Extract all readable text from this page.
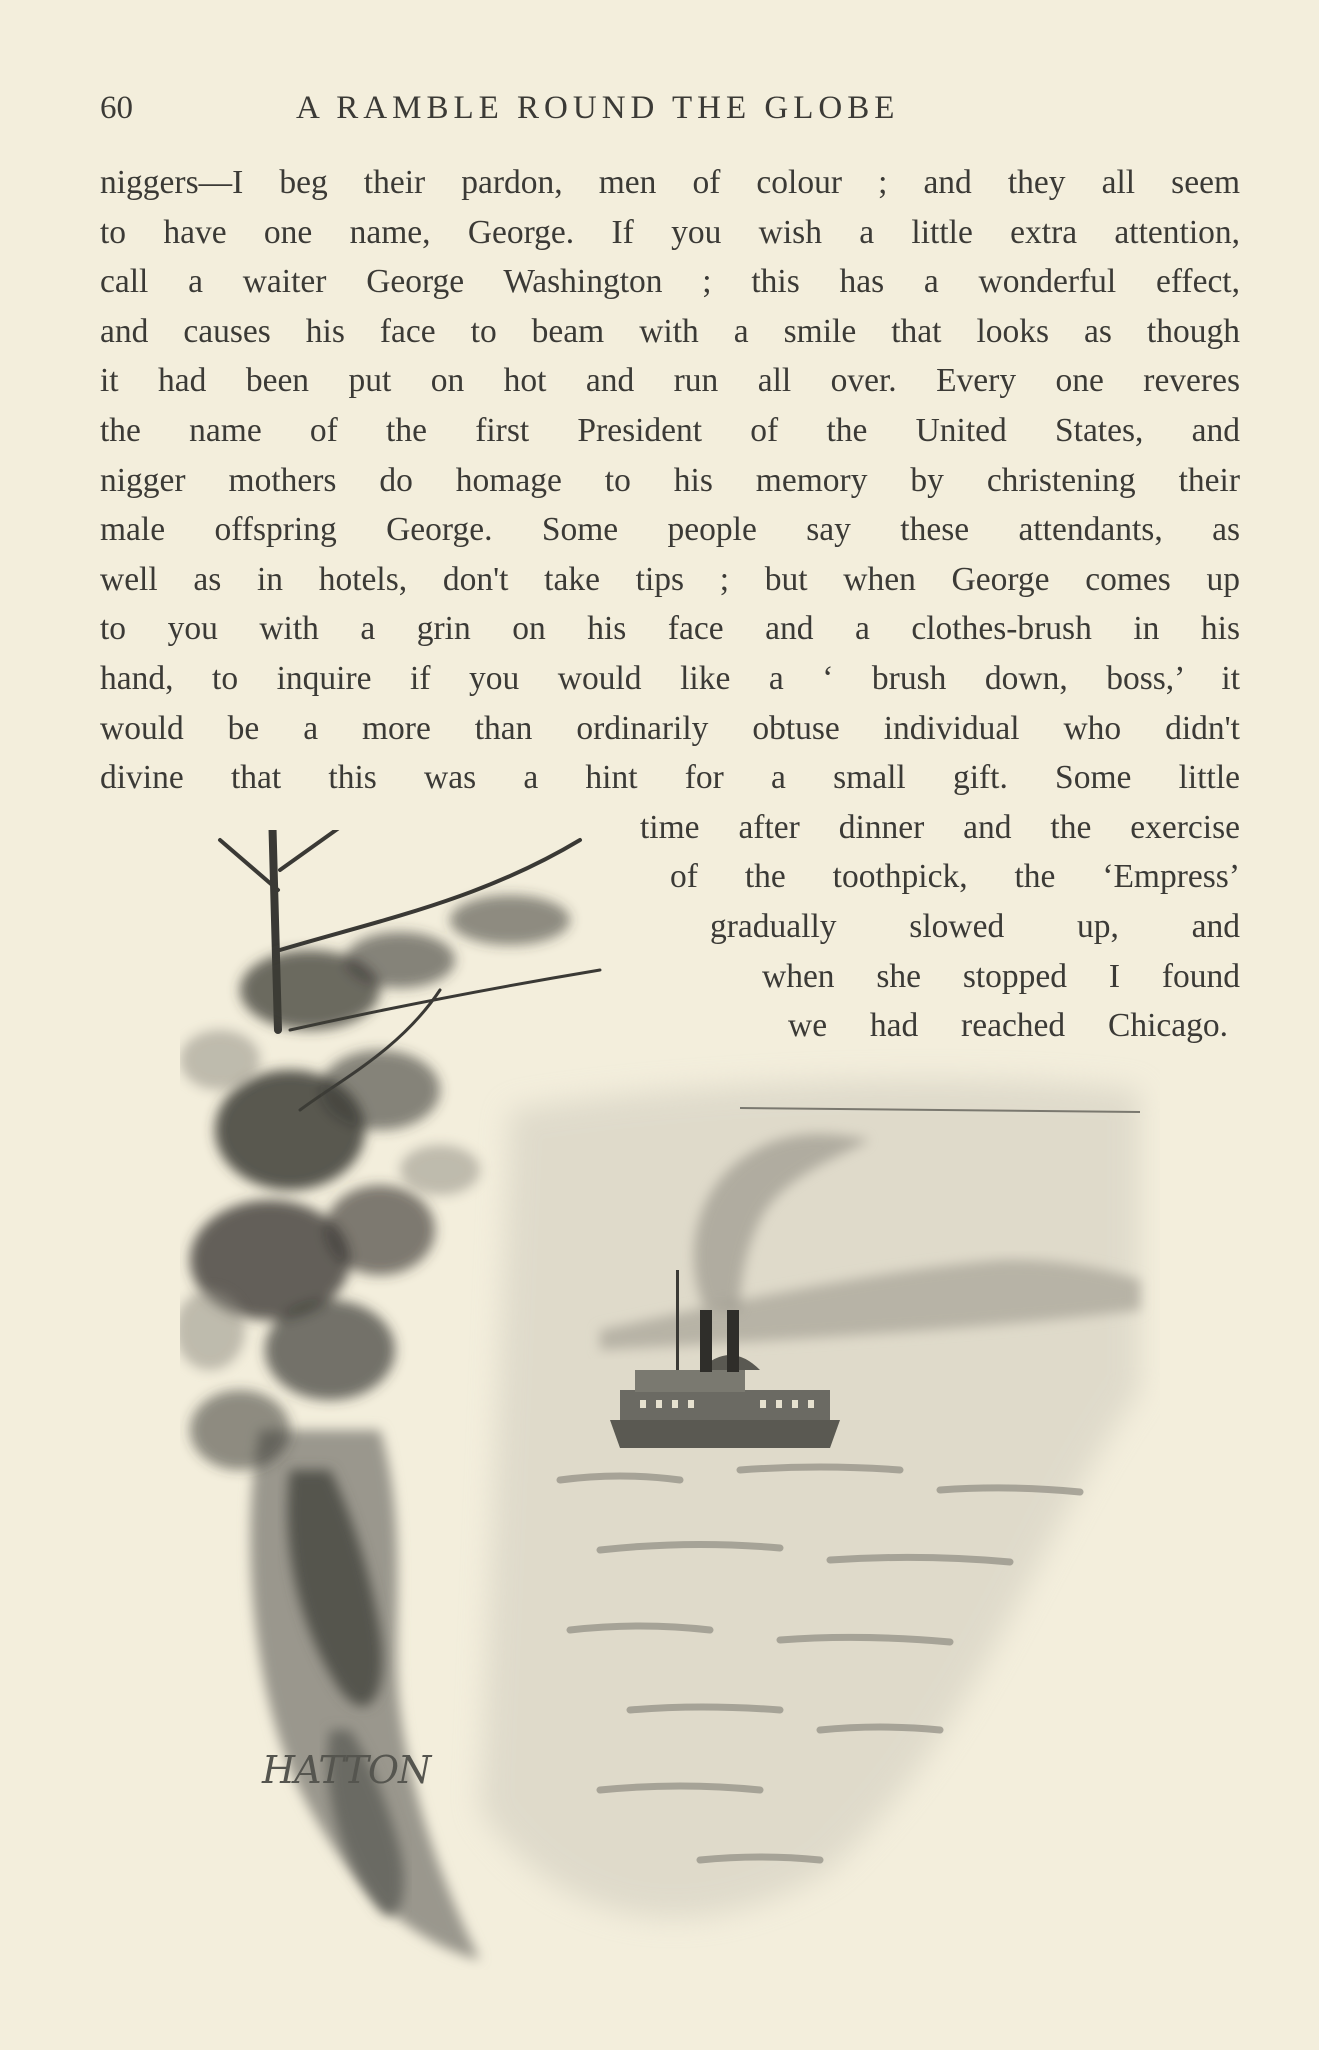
60	A RAMBLE ROUND THE GLOBE
niggers—I beg their pardon, men of colour ; and they all seem
to have one name, George. If you wish a little extra attention,
call a waiter George Washington ; this has a wonderful effect,
and causes his face to beam with a smile that looks as though
it had been put on hot and run all over. Every one reveres
the name of the first President of the United States, and
nigger mothers do homage to his memory by christening their
male offspring George. Some people say these attendants, as
well as in hotels, don't take tips ; but when George comes up
to you with a grin on his face and a clothes-brush in his
hand, to inquire if you would like a ‘ brush down, boss,’ it
would be a more than ordinarily obtuse individual who didn't
divine that this was a hint for a small gift. Some little
time after dinner and the exercise
of the toothpick, the ‘Empress’
gradually slowed up, and
when she stopped I found
we had reached Chicago.
HATTON
